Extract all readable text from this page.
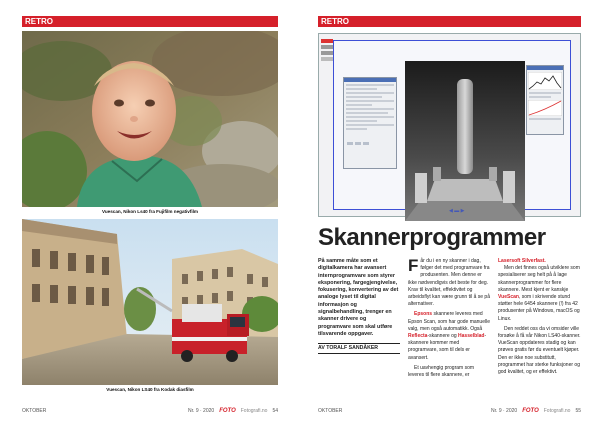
RETRO
Vuescan, Nikon Ls40 fra Fujifilm negativfilm
Vuescan, Nikon LS40 fra Kodak diasfilm
OKTOBER	Nr. 9 · 2020 FOTO Fotografi.no 54
RETRO
◀ ▬ ▶
Skannerprogrammer

På samme måte som et digitalkamera har avansert internprogramvare som styrer eksponering, fargegjengivelse, fokusering, konvertering av det analoge lyset til digital informasjon og signalbehandling, trenger en skanner drivere og programvare som skal utføre tilsvarende oppgaver.

AV TORALF SANDÅKER

Får du i en ny skanner i dag, følger det med programvare fra produsenten. Men denne er ikke nødvendigvis det beste for deg. Krav til kvalitet, effektivitet og arbeidsflyt kan være grunn til å se på alternativer.

Epsons skannere leveres med Epson Scan, som har gode manuelle valg, men også automatikk. Også Reflecta-skannere og Hasselblad-skannere kommer med programvare, som til dels er avansert.

Et uavhengig program som leveres til flere skannere, er

Lasersoft Silverfast.

Men det finnes også utviklere som spesialiserer seg helt på å lage skannerprogrammer for flere skannere. Mest kjent er kanskje VueScan, som i skrivende stund støtter hele 6454 skannere (!) fra 42 produsenter på Windows, macOS og Linux.

Den reddet oss da vi omsider ville forsøke å få vår Nikon LS40-skanner. VueScan oppdateres stadig og kan prøves gratis før du eventuelt kjøper. Den er ikke noe substitutt, programmet har sterke funksjoner og god kvalitet, og er effektivt.

OKTOBER	Nr. 9 · 2020 FOTO Fotografi.no 55
